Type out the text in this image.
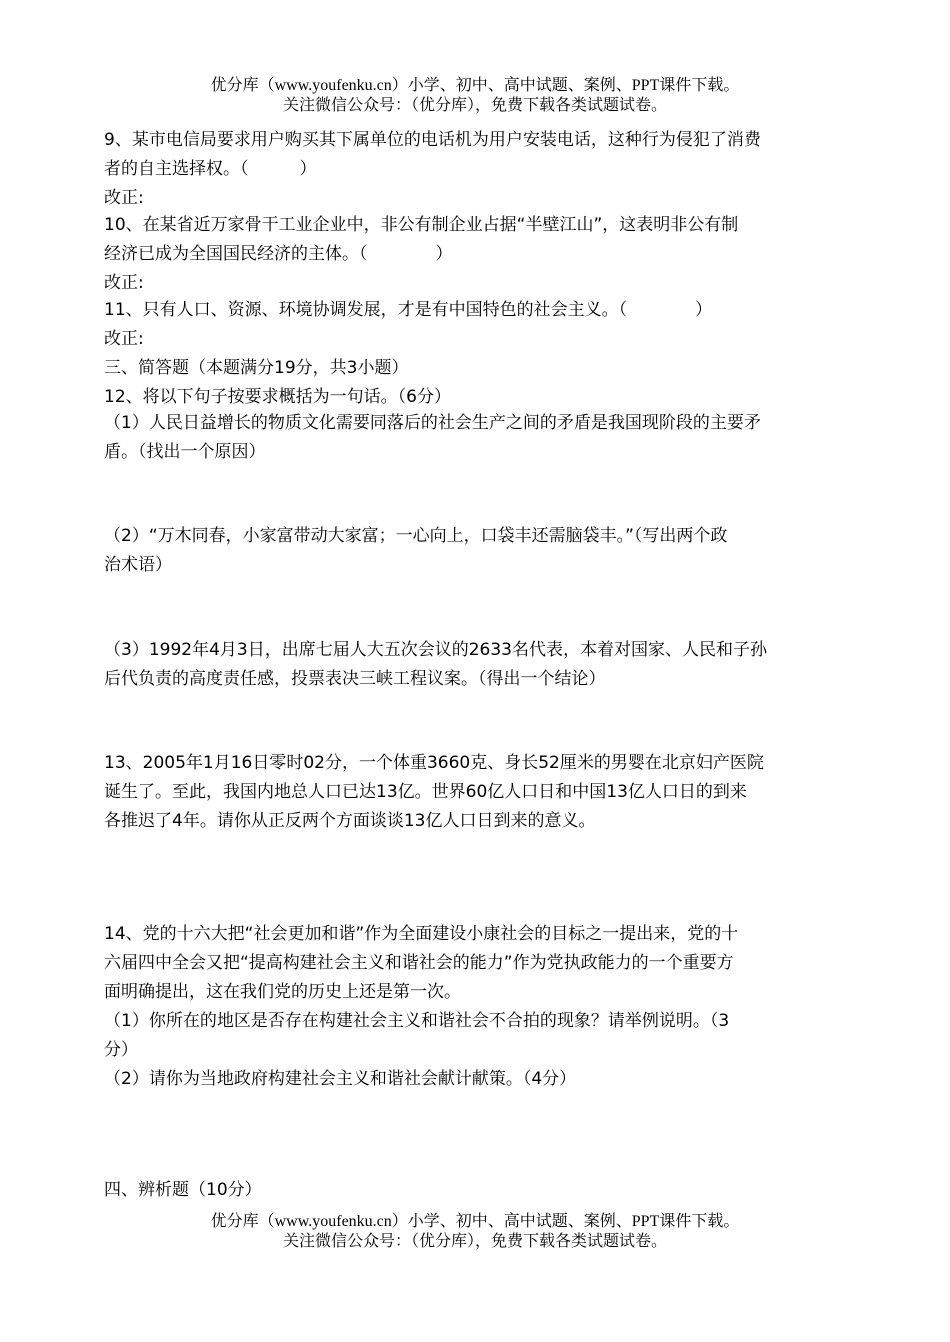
优分库（www.youfenku.cn）小学、初中、高中试题、案例、PPT课件下载。
关注微信公众号：（优分库），免费下载各类试题试卷。
9、某市电信局要求用户购买其下属单位的电话机为用户安装电话，这种行为侵犯了消费
者的自主选择权。（　　　）
改正:
10、在某省近万家骨干工业企业中，非公有制企业占据“半壁江山”，这表明非公有制
经济已成为全国国民经济的主体。（　　　　）
改正:
11、只有人口、资源、环境协调发展，才是有中国特色的社会主义。（　　　　）
改正:
三、简答题（本题满分19分，共3小题）
12、将以下句子按要求概括为一句话。（6分）
（1）人民日益增长的物质文化需要同落后的社会生产之间的矛盾是我国现阶段的主要矛
盾。（找出一个原因）
（2）“万木同春，小家富带动大家富；一心向上，口袋丰还需脑袋丰。”（写出两个政
治术语）
（3）1992年4月3日，出席七届人大五次会议的2633名代表，本着对国家、人民和子孙
后代负责的高度责任感，投票表决三峡工程议案。（得出一个结论）
13、2005年1月16日零时02分，一个体重3660克、身长52厘米的男婴在北京妇产医院
诞生了。至此，我国内地总人口已达13亿。世界60亿人口日和中国13亿人口日的到来
各推迟了4年。请你从正反两个方面谈谈13亿人口日到来的意义。
14、党的十六大把“社会更加和谐”作为全面建设小康社会的目标之一提出来，党的十
六届四中全会又把“提高构建社会主义和谐社会的能力”作为党执政能力的一个重要方
面明确提出，这在我们党的历史上还是第一次。
（1）你所在的地区是否存在构建社会主义和谐社会不合拍的现象？请举例说明。（3
分）
（2）请你为当地政府构建社会主义和谐社会献计献策。（4分）
四、辨析题（10分）
优分库（www.youfenku.cn）小学、初中、高中试题、案例、PPT课件下载。
关注微信公众号：（优分库），免费下载各类试题试卷。
